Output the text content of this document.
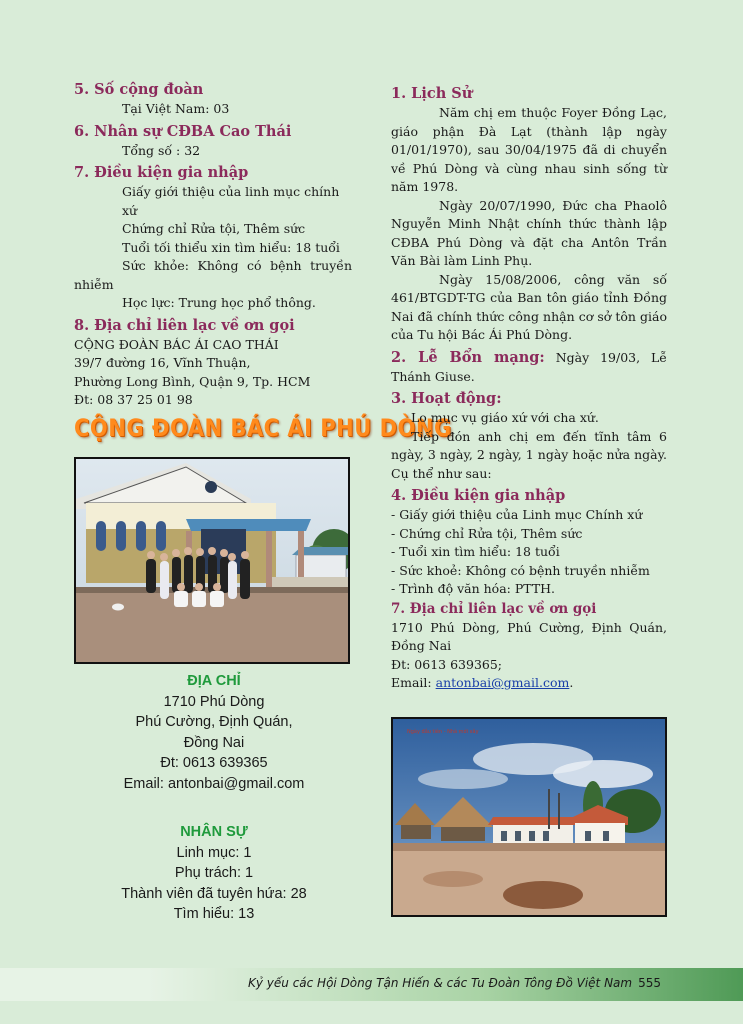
5. Số cộng đoàn

Tại Việt Nam: 03

6. Nhân sự CĐBA Cao Thái

Tổng số : 32

7. Điều kiện gia nhập

Giấy giới thiệu của linh mục chính xứ

Chứng chỉ Rửa tội, Thêm sức

Tuổi tối thiểu xin tìm hiểu: 18 tuổi

Sức khỏe: Không có bệnh truyền nhiễm

Học lực: Trung học phổ thông.

8. Địa chỉ liên lạc về ơn gọi

CỘNG ĐOÀN BÁC ÁI CAO THÁI

39/7 đường 16, Vĩnh Thuận,

Phường Long Bình, Quận 9, Tp. HCM

Đt: 08 37 25 01 98

CỘNG ĐOÀN BÁC ÁI PHÚ DÒNG
ĐỊA CHỈ
1710 Phú Dòng
Phú Cường, Định Quán,
Đồng Nai
Đt: 0613 639365
Email: antonbai@gmail.com
NHÂN SỰ
Linh mục: 1
Phụ trách: 1
Thành viên đã tuyên hứa: 28
Tìm hiểu: 13

1. Lịch Sử

Năm chị em thuộc Foyer Đồng Lạc, giáo phận Đà Lạt (thành lập ngày 01/01/1970), sau 30/04/1975 đã di chuyển về Phú Dòng và cùng nhau sinh sống từ năm 1978.

Ngày 20/07/1990, Đức cha Phaolô Nguyễn Minh Nhật chính thức thành lập CĐBA Phú Dòng và đặt cha Antôn Trần Văn Bài làm Linh Phụ.

Ngày 15/08/2006, công văn số 461/BTGDT-TG của Ban tôn giáo tỉnh Đồng Nai đã chính thức công nhận cơ sở tôn giáo của Tu hội Bác Ái Phú Dòng.

2. Lễ Bổn mạng: Ngày 19/03, Lễ Thánh Giuse.

3. Hoạt động:

Lo mục vụ giáo xứ với cha xứ.

Tiếp đón anh chị em đến tĩnh tâm 6 ngày, 3 ngày, 2 ngày, 1 ngày hoặc nửa ngày. Cụ thể như sau:

4. Điều kiện gia nhập

- Giấy giới thiệu của Linh mục Chính xứ

- Chứng chỉ Rửa tội, Thêm sức

- Tuổi xin tìm hiểu: 18 tuổi

- Sức khoẻ: Không có bệnh truyền nhiễm

- Trình độ văn hóa: PTTH.

7. Địa chỉ liên lạc về ơn gọi

1710 Phú Dòng, Phú Cường, Định Quán, Đồng Nai

Đt: 0613 639365;

Email: antonbai@gmail.com.

Ngày đầu tiên - Nhà mới xây
Kỷ yếu các Hội Dòng Tận Hiến & các Tu Đoàn Tông Đồ Việt Nam 555
